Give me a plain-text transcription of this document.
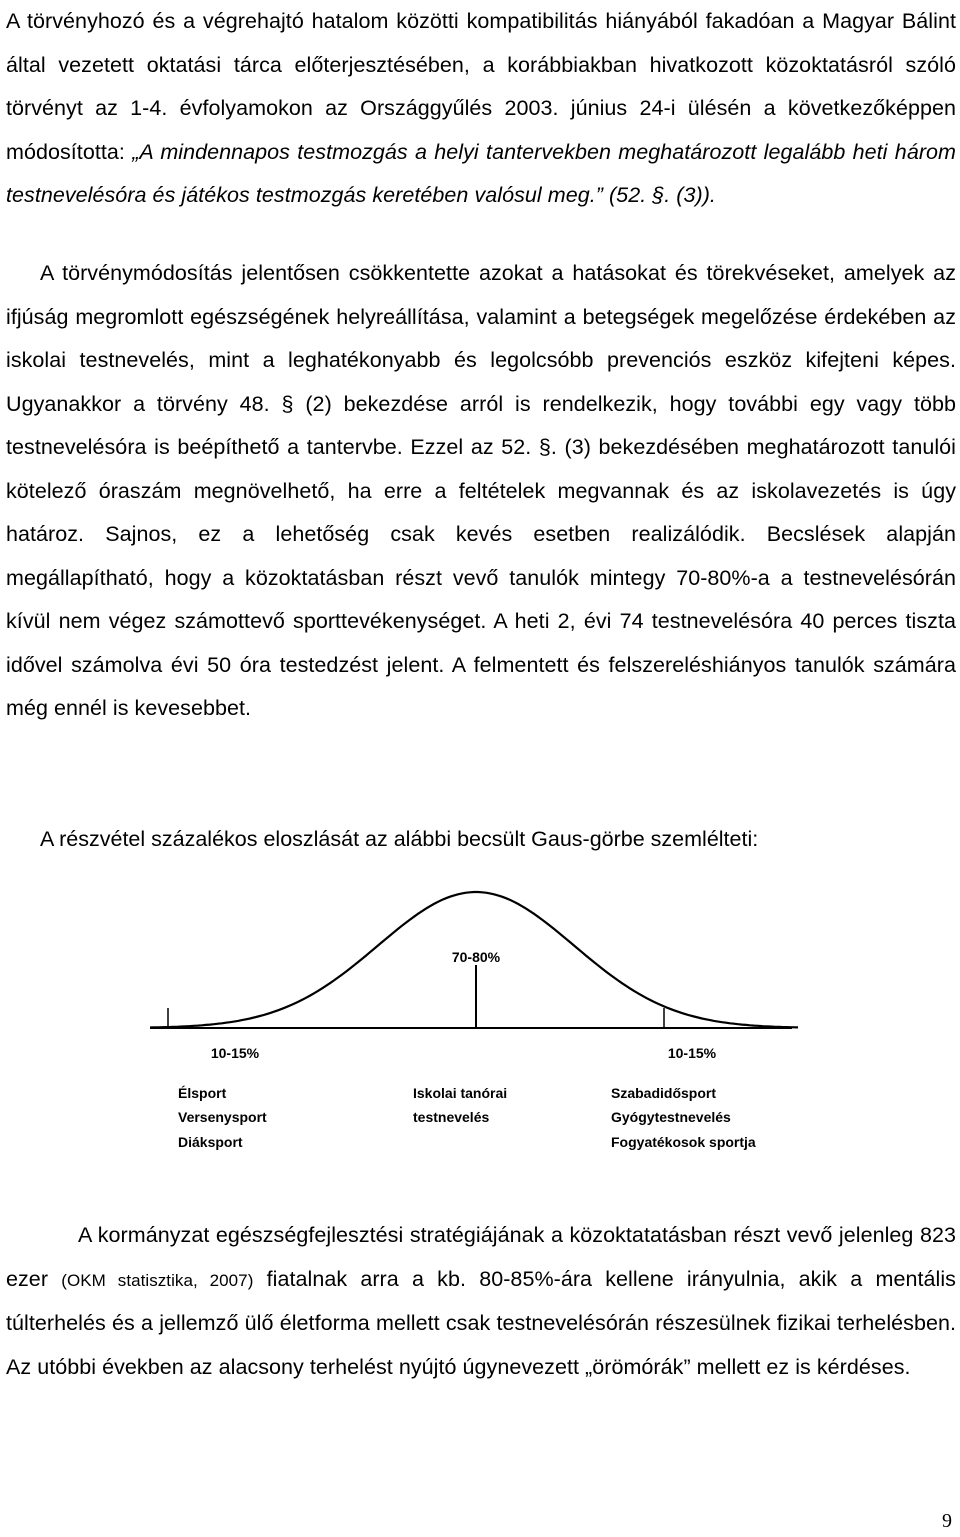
A törvényhozó és a végrehajtó hatalom közötti kompatibilitás hiányából fakadóan a Magyar Bálint által vezetett oktatási tárca előterjesztésében, a korábbiakban hivatkozott közoktatásról szóló törvényt az 1-4. évfolyamokon az Országgyűlés 2003. június 24-i ülésén a következőképpen módosította: „A mindennapos testmozgás a helyi tantervekben meghatározott legalább heti három testnevelésóra és játékos testmozgás keretében valósul meg.” (52. §. (3)).
A törvénymódosítás jelentősen csökkentette azokat a hatásokat és törekvéseket, amelyek az ifjúság megromlott egészségének helyreállítása, valamint a betegségek megelőzése érdekében az iskolai testnevelés, mint a leghatékonyabb és legolcsóbb prevenciós eszköz kifejteni képes. Ugyanakkor a törvény 48. § (2) bekezdése arról is rendelkezik, hogy további egy vagy több testnevelésóra is beépíthető a tantervbe. Ezzel az 52. §. (3) bekezdésében meghatározott tanulói kötelező óraszám megnövelhető, ha erre a feltételek megvannak és az iskolavezetés is úgy határoz. Sajnos, ez a lehetőség csak kevés esetben realizálódik. Becslések alapján megállapítható, hogy a közoktatásban részt vevő tanulók mintegy 70-80%-a a testnevelésórán kívül nem végez számottevő sporttevékenységet. A heti 2, évi 74 testnevelésóra 40 perces tiszta idővel számolva évi 50 óra testedzést jelent. A felmentett és felszereléshiányos tanulók számára még ennél is kevesebbet.
A részvétel százalékos eloszlását az alábbi becsült Gaus-görbe szemlélteti:
70-80%
10-15%	10-15%
Élsport
Versenysport
Diáksport
Iskolai tanórai
testnevelés
Szabadidősport
Gyógytestnevelés
Fogyatékosok sportja
A kormányzat egészségfejlesztési stratégiájának a közoktatatásban részt vevő jelenleg 823 ezer (OKM statisztika, 2007) fiatalnak arra a kb. 80-85%-ára kellene irányulnia, akik a mentális túlterhelés és a jellemző ülő életforma mellett csak testnevelésórán részesülnek fizikai terhelésben. Az utóbbi években az alacsony terhelést nyújtó úgynevezett „örömórák” mellett ez is kérdéses.
9
